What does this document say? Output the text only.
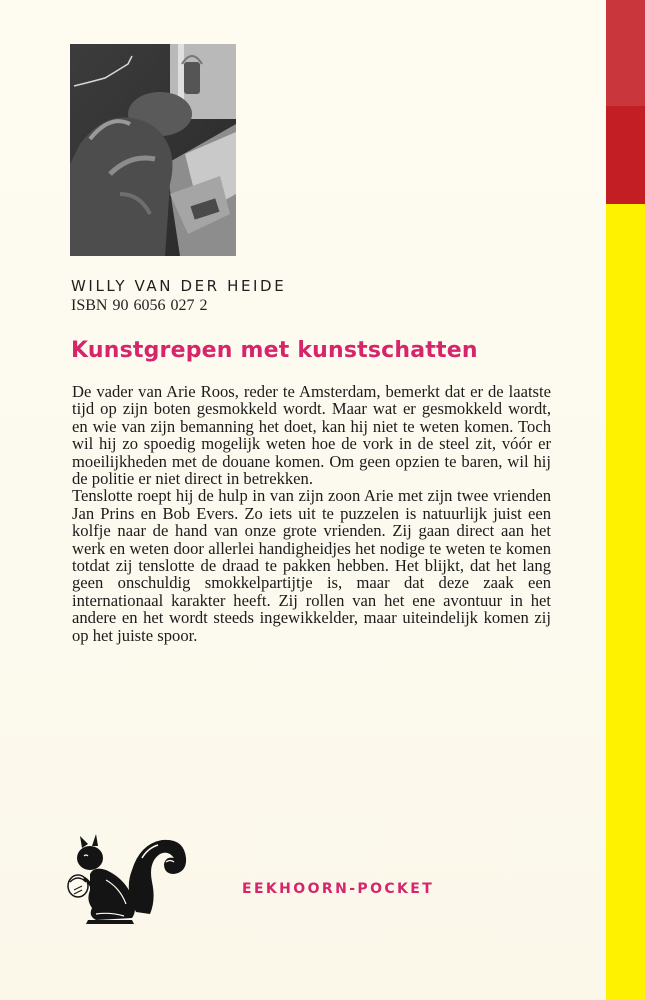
WILLY VAN DER HEIDE
ISBN 90 6056 027 2
Kunstgrepen met kunstschatten

De vader van Arie Roos, reder te Amsterdam, bemerkt dat er de laatste tijd op zijn boten gesmokkeld wordt. Maar wat er gesmokkeld wordt, en wie van zijn bemanning het doet, kan hij niet te weten komen. Toch wil hij zo spoedig mogelijk weten hoe de vork in de steel zit, vóór er moeilijkheden met de douane komen. Om geen opzien te baren, wil hij de politie er niet direct in betrekken.

Tenslotte roept hij de hulp in van zijn zoon Arie met zijn twee vrienden Jan Prins en Bob Evers. Zo iets uit te puzzelen is natuurlijk juist een kolfje naar de hand van onze grote vrienden. Zij gaan direct aan het werk en weten door allerlei handigheidjes het nodige te weten te komen totdat zij tenslotte de draad te pakken hebben. Het blijkt, dat het lang geen onschuldig smokkelpartijtje is, maar dat deze zaak een internationaal karakter heeft. Zij rollen van het ene avontuur in het andere en het wordt steeds ingewikkelder, maar uiteindelijk komen zij op het juiste spoor.

EEKHOORN-POCKET
